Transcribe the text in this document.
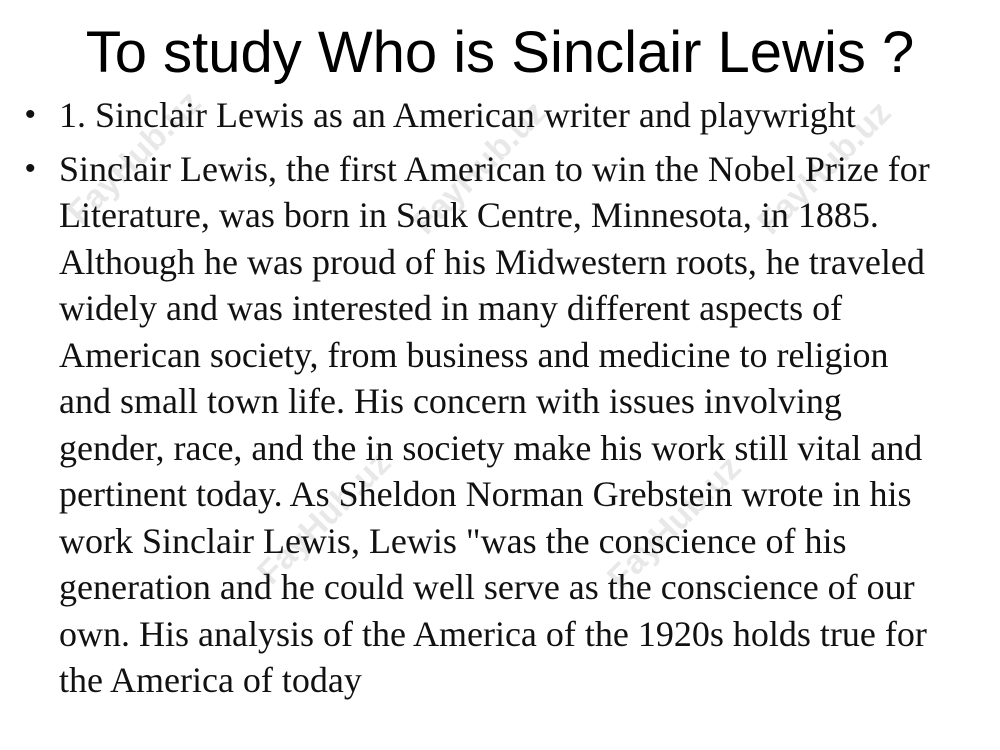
FayHub.uz	FayHub.uz	FayHub.uz
FayHub.uz	FayHub.uz
To study Who is Sinclair Lewis ?
• 1. Sinclair Lewis as an American writer and playwright
• Sinclair Lewis, the first American to win the Nobel Prize for Literature, was born in Sauk Centre, Minnesota, in 1885. Although he was proud of his Midwestern roots, he traveled widely and was interested in many different aspects of American society, from business and medicine to religion and small town life. His concern with issues involving gender, race, and the in society make his work still vital and pertinent today. As Sheldon Norman Grebstein wrote in his work Sinclair Lewis, Lewis "was the conscience of his generation and he could well serve as the conscience of our own. His analysis of the America of the 1920s holds true for the America of today
